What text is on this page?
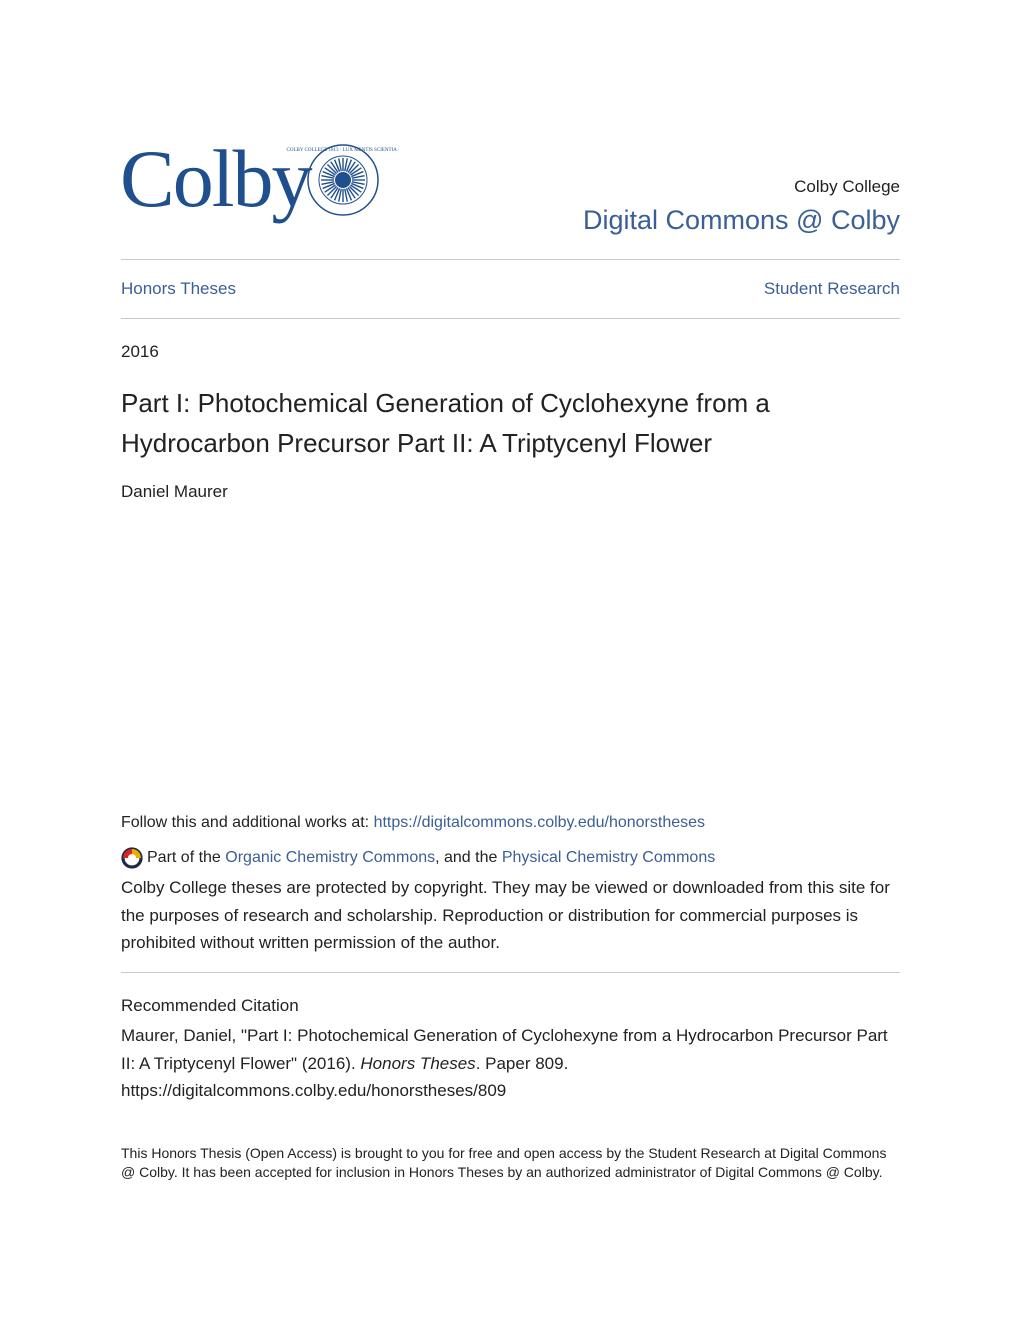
Colby
COLBY COLLEGE 1813 · LUX MENTIS SCIENTIA ·
Colby College
Digital Commons @ Colby
Honors Theses	Student Research
2016
Part I: Photochemical Generation of Cyclohexyne from a Hydrocarbon Precursor Part II: A Triptycenyl Flower
Daniel Maurer
Follow this and additional works at: https://digitalcommons.colby.edu/honorstheses
Part of the
Organic Chemistry Commons , and the Physical Chemistry Commons
Colby College theses are protected by copyright. They may be viewed or downloaded from this site for the purposes of research and scholarship. Reproduction or distribution for commercial purposes is prohibited without written permission of the author.
Recommended Citation
Maurer, Daniel, "Part I: Photochemical Generation of Cyclohexyne from a Hydrocarbon Precursor Part II: A Triptycenyl Flower" (2016). Honors Theses. Paper 809.
https://digitalcommons.colby.edu/honorstheses/809
This Honors Thesis (Open Access) is brought to you for free and open access by the Student Research at Digital Commons @ Colby. It has been accepted for inclusion in Honors Theses by an authorized administrator of Digital Commons @ Colby.
